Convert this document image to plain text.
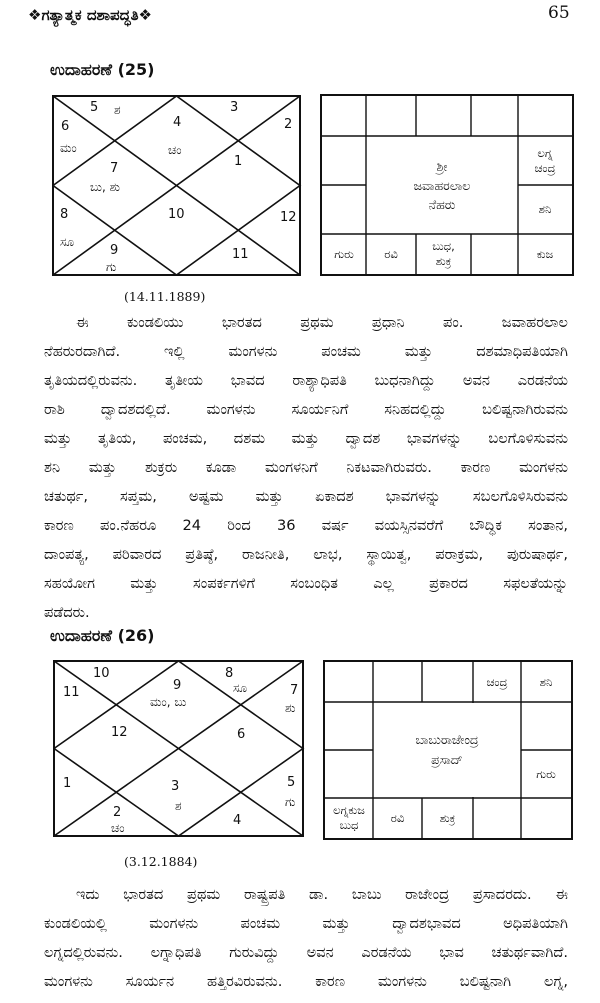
❖ಗತ್ಯಾತ್ಮಕ ದಶಾಪದ್ಧತಿ❖	65
ಉದಾಹರಣೆ (25)
4
3
2
1
12
11
10
9
8
7
6
5
ಚಂ
ಶ
ಮಂ
ಬು, ಶು
ಸೂ
ಗು
ಶ್ರೀ
ಜವಾಹರಲಾಲ
ನೆಹರು
ಲಗ್ನ
ಚಂದ್ರ
ಶನಿ
ಗುರು	ರವಿ
ಬುಧ,
ಶುಕ್ರ
ಕುಜ
(14.11.1889)
ಈ ಕುಂಡಲಿಯು ಭಾರತದ ಪ್ರಥಮ ಪ್ರಧಾನಿ ಪಂ. ಜವಾಹರಲಾಲ
ನೆಹರುರದಾಗಿದೆ. ಇಲ್ಲಿ ಮಂಗಳನು ಪಂಚಮ ಮತ್ತು ದಶಮಾಧಿಪತಿಯಾಗಿ
ತೃತಿಯದಲ್ಲಿರುವನು. ತೃತೀಯ ಭಾವದ ರಾಶ್ಯಾಧಿಪತಿ ಬುಧನಾಗಿದ್ದು ಅವನ ಎರಡನೆಯ
ರಾಶಿ ದ್ವಾದಶದಲ್ಲಿದೆ. ಮಂಗಳನು ಸೂರ್ಯನಿಗೆ ಸನಿಹದಲ್ಲಿದ್ದು ಬಲಿಷ್ಟನಾಗಿರುವನು
ಮತ್ತು ತೃತಿಯ, ಪಂಚಮ, ದಶಮ ಮತ್ತು ದ್ವಾದಶ ಭಾವಗಳನ್ನು ಬಲಗೊಳಿಸುವನು
ಶನಿ ಮತ್ತು ಶುಕ್ರರು ಕೂಡಾ ಮಂಗಳನಿಗೆ ನಿಕಟವಾಗಿರುವರು. ಕಾರಣ ಮಂಗಳನು
ಚತುರ್ಥ, ಸಪ್ತಮ, ಅಷ್ಟಮ ಮತ್ತು ಏಕಾದಶ ಭಾವಗಳನ್ನು ಸಬಲಗೊಳಿಸಿರುವನು
ಕಾರಣ ಪಂ.ನೆಹರೂ 24 ರಿಂದ 36 ವರ್ಷ ವಯಸ್ಸಿನವರೆಗೆ ಬೌದ್ಧಿಕ ಸಂತಾನ,
ದಾಂಪತ್ಯ, ಪರಿವಾರದ ಪ್ರತಿಷ್ಠೆ, ರಾಜನೀತಿ, ಲಾಭ, ಸ್ಥಾಯಿತ್ವ, ಪರಾಕ್ರಮ, ಪುರುಷಾರ್ಥ,
ಸಹಯೋಗ ಮತ್ತು ಸಂಪರ್ಕಗಳಿಗೆ ಸಂಬಂಧಿತ ಎಲ್ಲ ಪ್ರಕಾರದ ಸಫಲತೆಯನ್ನು
ಪಡೆದರು.
ಉದಾಹರಣೆ (26)
3
2
1
12
11
10
9
8
7
6
5
4
ಮಂ, ಬು
ಸೂ
ಶು
ಗು
ಶ
ಚಂ
ಚಂದ್ರ	ಶನಿ
ಬಾಬುರಾಜೇಂದ್ರ
ಪ್ರಸಾದ್
ಗುರು
ಲಗ್ನಕುಜ
ಬುಧ
ರವಿ	ಶುಕ್ರ
(3.12.1884)
ಇದು ಭಾರತದ ಪ್ರಥಮ ರಾಷ್ಟ್ರಪತಿ ಡಾ. ಬಾಬು ರಾಜೇಂದ್ರ ಪ್ರಸಾದರದು. ಈ
ಕುಂಡಲಿಯಲ್ಲಿ ಮಂಗಳನು ಪಂಚಮ ಮತ್ತು ದ್ವಾದಶಭಾವದ ಅಧಿಪತಿಯಾಗಿ
ಲಗ್ನದಲ್ಲಿರುವನು. ಲಗ್ನಾಧಿಪತಿ ಗುರುವಿದ್ದು ಅವನ ಎರಡನೆಯ ಭಾವ ಚತುರ್ಥವಾಗಿದೆ.
ಮಂಗಳನು ಸೂರ್ಯನ ಹತ್ತಿರವಿರುವನು. ಕಾರಣ ಮಂಗಳನು ಬಲಿಷ್ಟನಾಗಿ ಲಗ್ನ,
